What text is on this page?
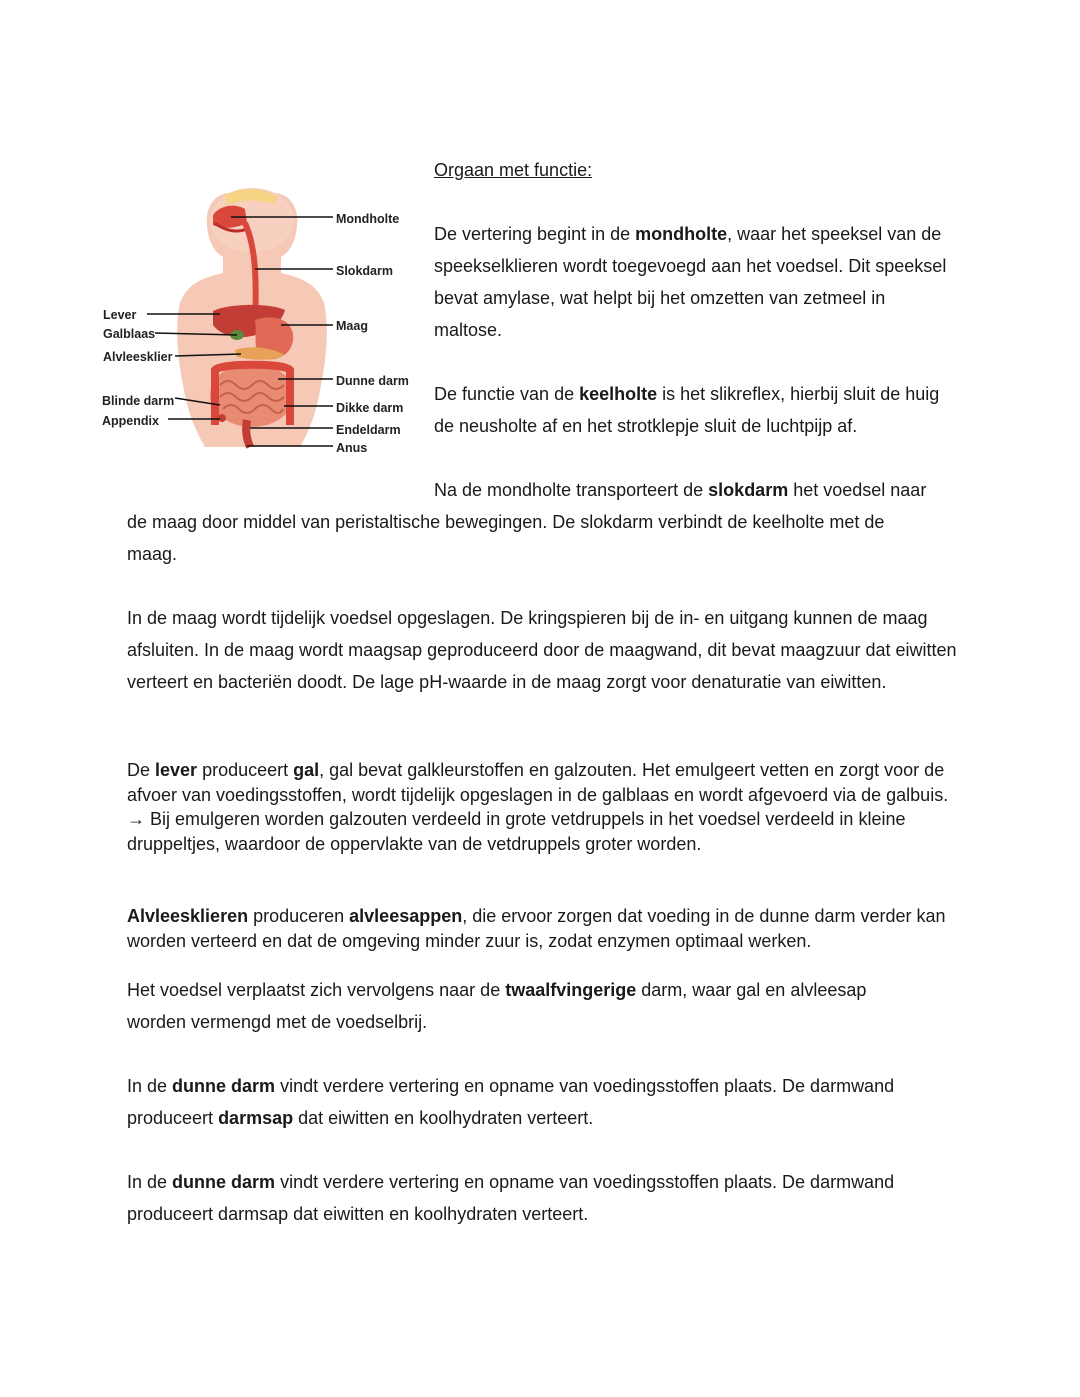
Mondholte
Slokdarm
Maag
Dunne darm
Dikke darm
Endeldarm
Anus
Lever
Galblaas
Alvleesklier
Blinde darm
Appendix

Orgaan met functie:

De vertering begint in de mondholte, waar het speeksel van de speekselklieren wordt toegevoegd aan het voedsel. Dit speeksel bevat amylase, wat helpt bij het omzetten van zetmeel in maltose.

De functie van de keelholte is het slikreflex, hierbij sluit de huig de neusholte af en het strotklepje sluit de luchtpijp af.

Na de mondholte transporteert de slokdarm het voedsel naar

de maag door middel van peristaltische bewegingen. De slokdarm verbindt de keelholte met de maag.

In de maag wordt tijdelijk voedsel opgeslagen. De kringspieren bij de in- en uitgang kunnen de maag afsluiten. In de maag wordt maagsap geproduceerd door de maagwand, dit bevat maagzuur dat eiwitten verteert en bacteriën doodt. De lage pH-waarde in de maag zorgt voor denaturatie van eiwitten.

De lever produceert gal, gal bevat galkleurstoffen en galzouten. Het emulgeert vetten en zorgt voor de afvoer van voedingsstoffen, wordt tijdelijk opgeslagen in de galblaas en wordt afgevoerd via de galbuis.
→ Bij emulgeren worden galzouten verdeeld in grote vetdruppels in het voedsel verdeeld in kleine druppeltjes, waardoor de oppervlakte van de vetdruppels groter worden.

Alvleesklieren produceren alvleesappen, die ervoor zorgen dat voeding in de dunne darm verder kan worden verteerd en dat de omgeving minder zuur is, zodat enzymen optimaal werken.

Het voedsel verplaatst zich vervolgens naar de twaalfvingerige darm, waar gal en alvleesap worden vermengd met de voedselbrij.

In de dunne darm vindt verdere vertering en opname van voedingsstoffen plaats. De darmwand produceert darmsap dat eiwitten en koolhydraten verteert.

In de dunne darm vindt verdere vertering en opname van voedingsstoffen plaats. De darmwand produceert darmsap dat eiwitten en koolhydraten verteert.
